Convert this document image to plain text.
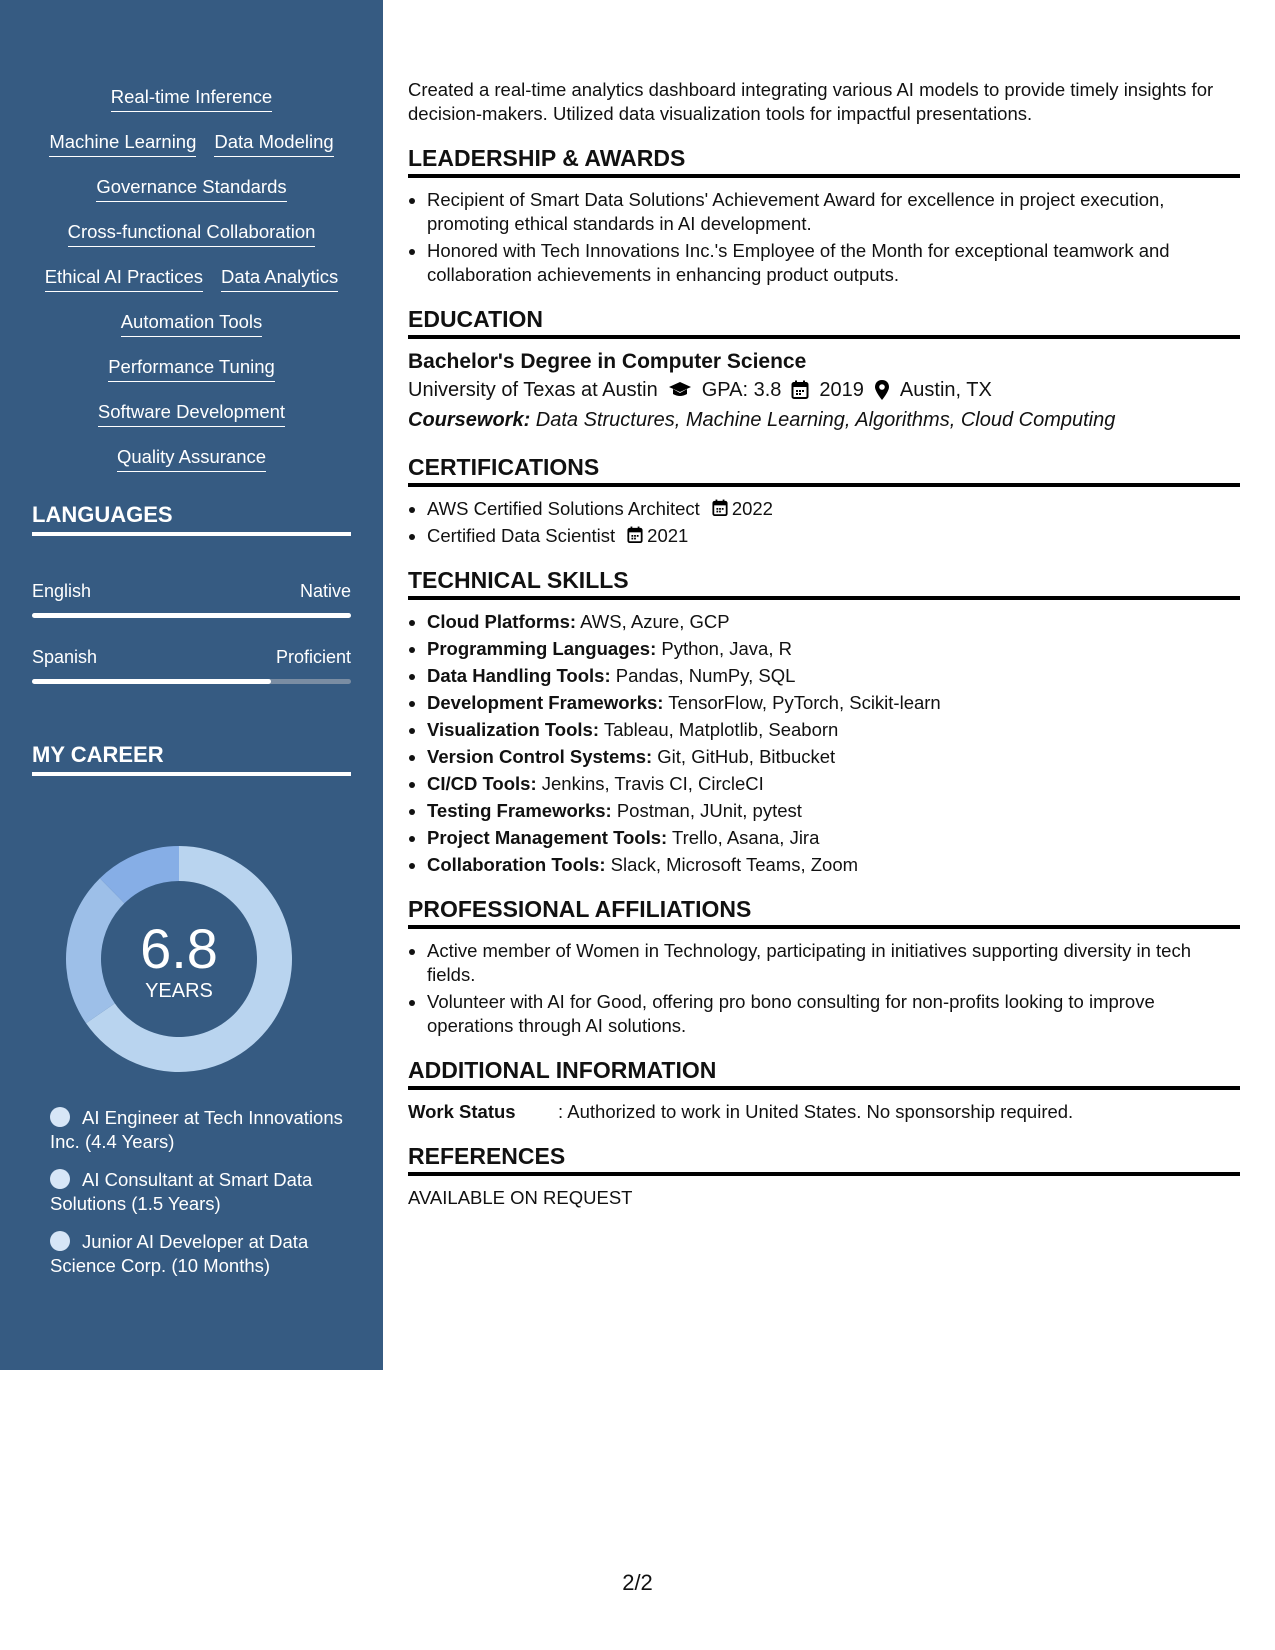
Real-time Inference
Machine Learning Data Modeling
Governance Standards
Cross-functional Collaboration
Ethical AI Practices Data Analytics
Automation Tools
Performance Tuning
Software Development
Quality Assurance
LANGUAGES
English	Native
Spanish	Proficient
MY CAREER
6.8
YEARS
AI Engineer at Tech Innovations Inc. (4.4 Years)
AI Consultant at Smart Data Solutions (1.5 Years)
Junior AI Developer at Data Science Corp. (10 Months)

Created a real-time analytics dashboard integrating various AI models to provide timely insights for decision-makers. Utilized data visualization tools for impactful presentations.

LEADERSHIP & AWARDS
• Recipient of Smart Data Solutions' Achievement Award for excellence in project execution, promoting ethical standards in AI development.
• Honored with Tech Innovations Inc.'s Employee of the Month for exceptional teamwork and collaboration achievements in enhancing product outputs.
EDUCATION
Bachelor's Degree in Computer Science
University of Texas at Austin GPA: 3.8 2019 Austin, TX
Coursework: Data Structures, Machine Learning, Algorithms, Cloud Computing
CERTIFICATIONS
• AWS Certified Solutions Architect 2022
• Certified Data Scientist 2021
TECHNICAL SKILLS
• Cloud Platforms: AWS, Azure, GCP
• Programming Languages: Python, Java, R
• Data Handling Tools: Pandas, NumPy, SQL
• Development Frameworks: TensorFlow, PyTorch, Scikit-learn
• Visualization Tools: Tableau, Matplotlib, Seaborn
• Version Control Systems: Git, GitHub, Bitbucket
• CI/CD Tools: Jenkins, Travis CI, CircleCI
• Testing Frameworks: Postman, JUnit, pytest
• Project Management Tools: Trello, Asana, Jira
• Collaboration Tools: Slack, Microsoft Teams, Zoom
PROFESSIONAL AFFILIATIONS
• Active member of Women in Technology, participating in initiatives supporting diversity in tech fields.
• Volunteer with AI for Good, offering pro bono consulting for non-profits looking to improve operations through AI solutions.
ADDITIONAL INFORMATION
Work Status	: Authorized to work in United States. No sponsorship required.
REFERENCES
AVAILABLE ON REQUEST
2/2
